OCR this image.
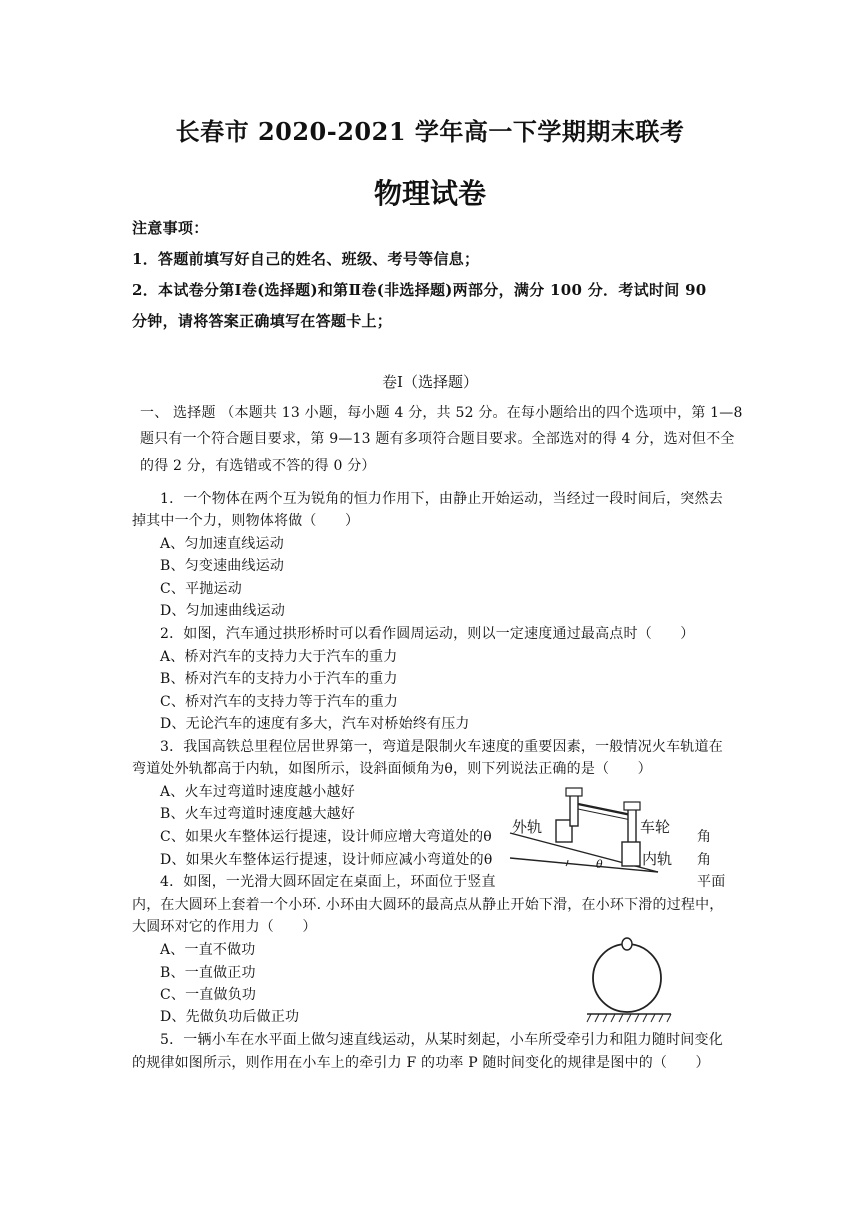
长春市 2020-2021 学年高一下学期期末联考
物理试卷
注意事项：
1．答题前填写好自己的姓名、班级、考号等信息；
2．本试卷分第Ⅰ卷(选择题)和第Ⅱ卷(非选择题)两部分，满分 100 分．考试时间 90
分钟，请将答案正确填写在答题卡上；
卷Ⅰ（选择题）
一、 选择题 （本题共 13 小题，每小题 4 分，共 52 分。在每小题给出的四个选项中，第 1—8
题只有一个符合题目要求，第 9—13 题有多项符合题目要求。全部选对的得 4 分，选对但不全
的得 2 分，有选错或不答的得 0 分）
1．一个物体在两个互为锐角的恒力作用下，由静止开始运动，当经过一段时间后，突然去
掉其中一个力，则物体将做（　　）
A、匀加速直线运动
B、匀变速曲线运动
C、平抛运动
D、匀加速曲线运动
2．如图，汽车通过拱形桥时可以看作圆周运动，则以一定速度通过最高点时（　　）
A、桥对汽车的支持力大于汽车的重力
B、桥对汽车的支持力小于汽车的重力
C、桥对汽车的支持力等于汽车的重力
D、无论汽车的速度有多大，汽车对桥始终有压力
3．我国高铁总里程位居世界第一，弯道是限制火车速度的重要因素，一般情况火车轨道在
弯道处外轨都高于内轨，如图所示，设斜面倾角为θ，则下列说法正确的是（　　）
A、火车过弯道时速度越小越好
B、火车过弯道时速度越大越好
C、如果火车整体运行提速，设计师应增大弯道处的θ	角
D、如果火车整体运行提速，设计师应减小弯道处的θ	角
外轨	车轮
内轨
θ
4．如图，一光滑大圆环固定在桌面上，环面位于竖直	平面
内，在大圆环上套着一个小环. 小环由大圆环的最高点从静止开始下滑，在小环下滑的过程中，
大圆环对它的作用力（　　）
A、一直不做功
B、一直做正功
C、一直做负功
D、先做负功后做正功
5．一辆小车在水平面上做匀速直线运动，从某时刻起，小车所受牵引力和阻力随时间变化
的规律如图所示，则作用在小车上的牵引力 F 的功率 P 随时间变化的规律是图中的（　　）
